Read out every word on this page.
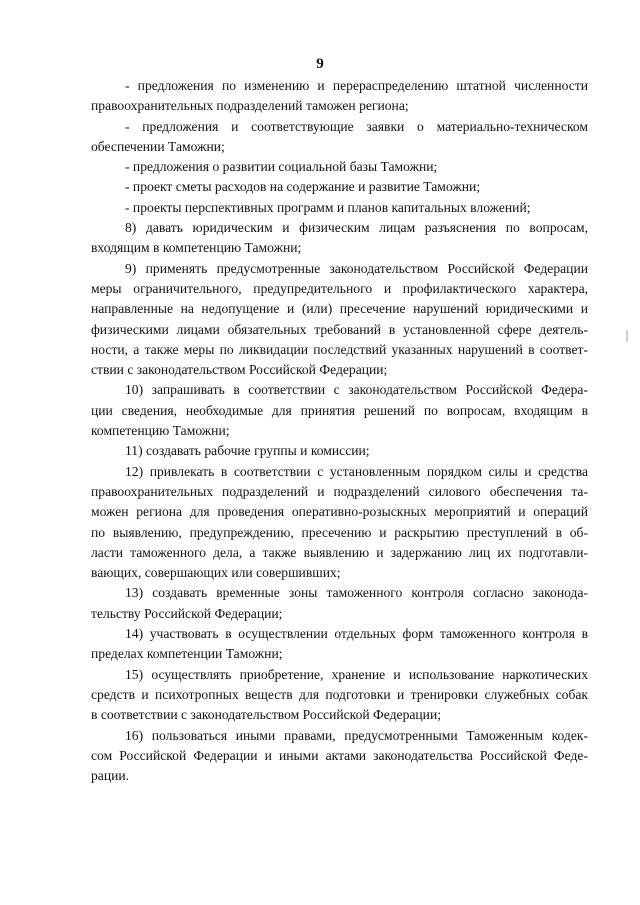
9
- предложения по изменению и перераспределению штатной численности
правоохранительных подразделений таможен региона;
- предложения и соответствующие заявки о материально-техническом
обеспечении Таможни;
- предложения о развитии социальной базы Таможни;
- проект сметы расходов на содержание и развитие Таможни;
- проекты перспективных программ и планов капитальных вложений;
8) давать юридическим и физическим лицам разъяснения по вопросам,
входящим в компетенцию Таможни;
9) применять предусмотренные законодательством Российской Федерации
меры ограничительного, предупредительного и профилактического характера,
направленные на недопущение и (или) пресечение нарушений юридическими и
физическими лицами обязательных требований в установленной сфере деятель-
ности, а также меры по ликвидации последствий указанных нарушений в соответ-
ствии с законодательством Российской Федерации;
10) запрашивать в соответствии с законодательством Российской Федера-
ции сведения, необходимые для принятия решений по вопросам, входящим в
компетенцию Таможни;
11) создавать рабочие группы и комиссии;
12) привлекать в соответствии с установленным порядком силы и средства
правоохранительных подразделений и подразделений силового обеспечения та-
можен региона для проведения оперативно-розыскных мероприятий и операций
по выявлению, предупреждению, пресечению и раскрытию преступлений в об-
ласти таможенного дела, а также выявлению и задержанию лиц их подготавли-
вающих, совершающих или совершивших;
13) создавать временные зоны таможенного контроля согласно законода-
тельству Российской Федерации;
14) участвовать в осуществлении отдельных форм таможенного контроля в
пределах компетенции Таможни;
15) осуществлять приобретение, хранение и использование наркотических
средств и психотропных веществ для подготовки и тренировки служебных собак
в соответствии с законодательством Российской Федерации;
16) пользоваться иными правами, предусмотренными Таможенным кодек-
сом Российской Федерации и иными актами законодательства Российской Феде-
рации.
